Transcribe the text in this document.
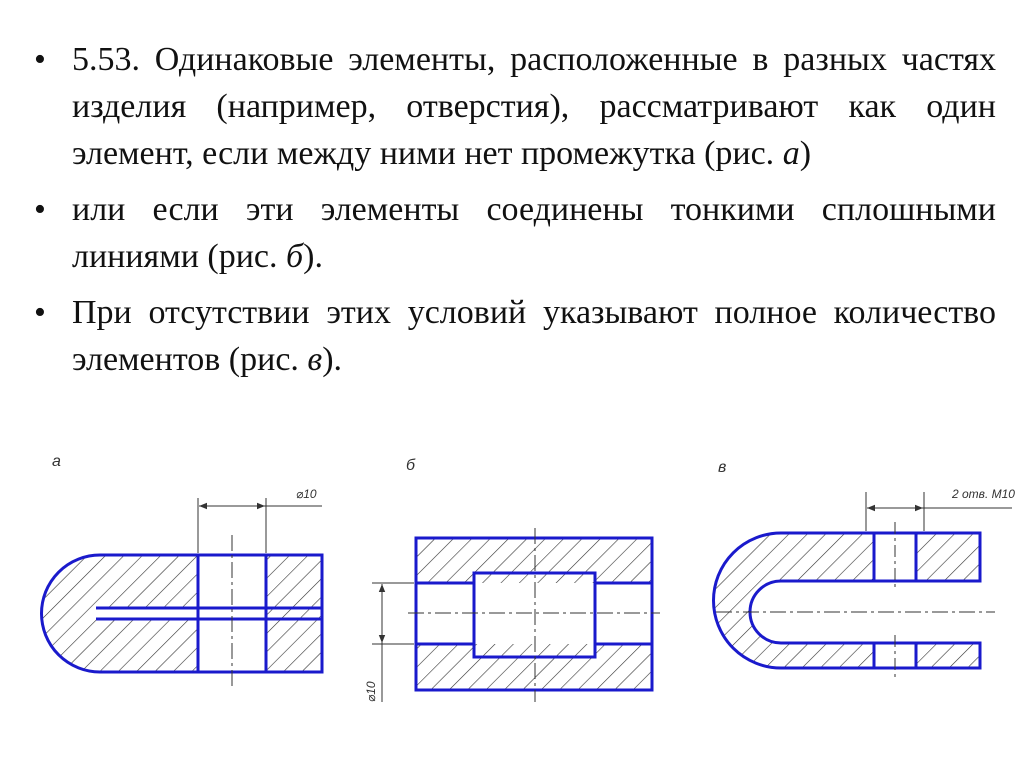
• 5.53. Одинаковые элементы, расположенные в разных частях изделия (например, отверстия), рассматривают как один элемент, если между ними нет промежутка (рис. а)
• или если эти элементы соединены тонкими сплошными линиями (рис. б).
• При отсутствии этих условий указывают полное количество элементов (рис. в).
а
⌀10
б
⌀10
в
2 отв. М10
